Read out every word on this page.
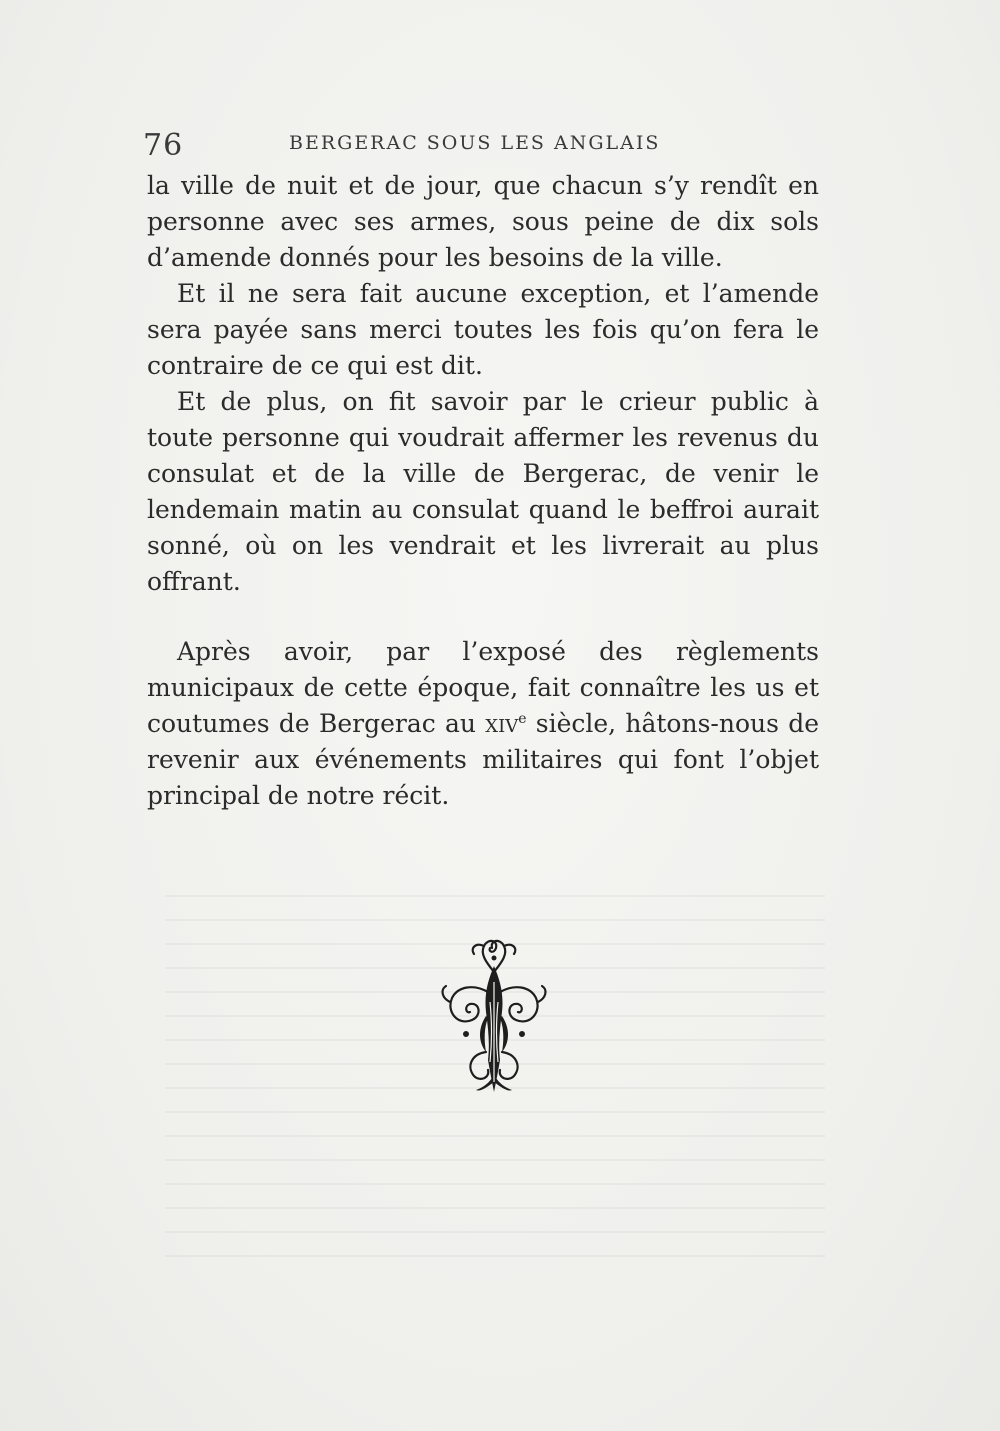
76	BERGERAC SOUS LES ANGLAIS

la ville de nuit et de jour, que chacun s’y rendît en personne avec ses armes, sous peine de dix sols d’amende donnés pour les besoins de la ville.

Et il ne sera fait aucune exception, et l’amende sera payée sans merci toutes les fois qu’on fera le contraire de ce qui est dit.

Et de plus, on fit savoir par le crieur public à toute personne qui voudrait affermer les revenus du consulat et de la ville de Bergerac, de venir le lendemain matin au consulat quand le beffroi aurait sonné, où on les vendrait et les livrerait au plus offrant.

Après avoir, par l’exposé des règlements municipaux de cette époque, fait connaître les us et coutumes de Bergerac au xiv$^e$ siècle, hâtons-nous de revenir aux événements militaires qui font l’objet principal de notre récit.
